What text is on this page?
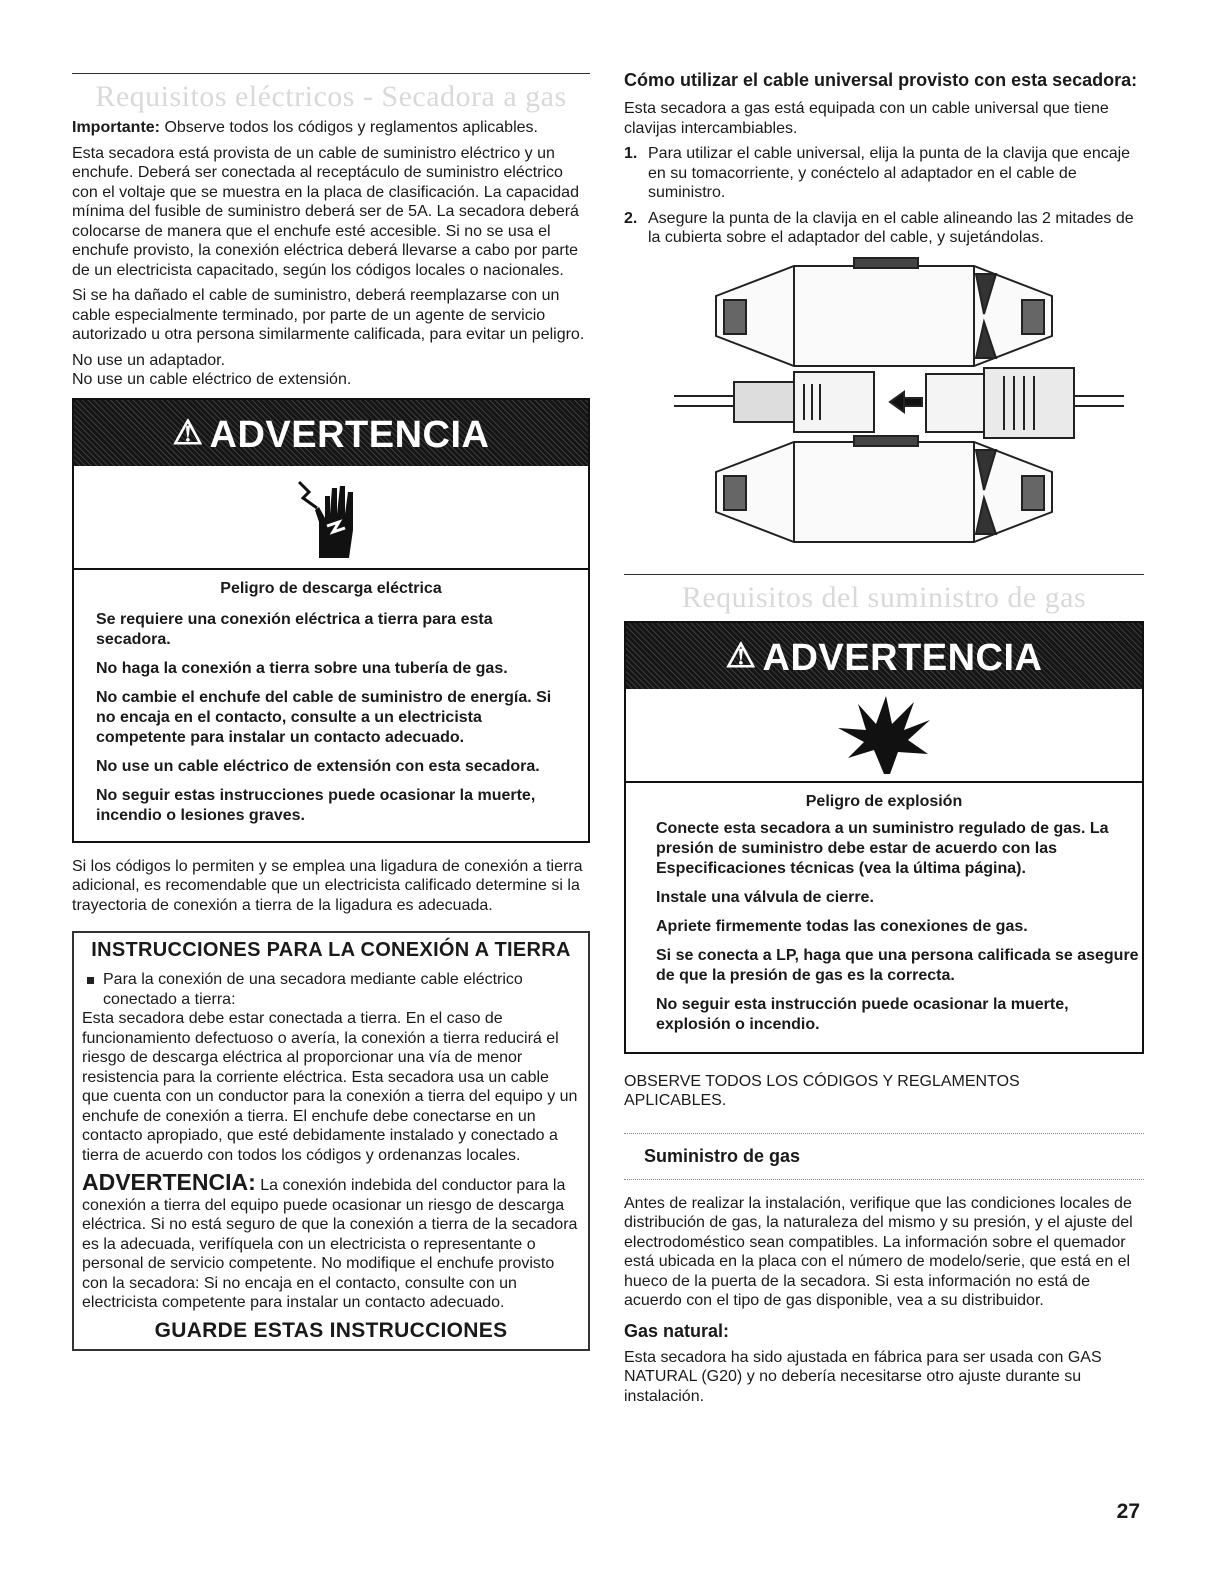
Requisitos eléctricos - Secadora a gas

Importante: Observe todos los códigos y reglamentos aplicables.

Esta secadora está provista de un cable de suministro eléctrico y un enchufe. Deberá ser conectada al receptáculo de suministro eléctrico con el voltaje que se muestra en la placa de clasificación. La capacidad mínima del fusible de suministro deberá ser de 5A. La secadora deberá colocarse de manera que el enchufe esté accesible. Si no se usa el enchufe provisto, la conexión eléctrica deberá llevarse a cabo por parte de un electricista capacitado, según los códigos locales o nacionales.

Si se ha dañado el cable de suministro, deberá reemplazarse con un cable especialmente terminado, por parte de un agente de servicio autorizado u otra persona similarmente calificada, para evitar un peligro.

No use un adaptador.

No use un cable eléctrico de extensión.

⚠ ADVERTENCIA
Peligro de descarga eléctrica
Se requiere una conexión eléctrica a tierra para esta secadora.
No haga la conexión a tierra sobre una tubería de gas.
No cambie el enchufe del cable de suministro de energía. Si no encaja en el contacto, consulte a un electricista competente para instalar un contacto adecuado.
No use un cable eléctrico de extensión con esta secadora.
No seguir estas instrucciones puede ocasionar la muerte, incendio o lesiones graves.

Si los códigos lo permiten y se emplea una ligadura de conexión a tierra adicional, es recomendable que un electricista calificado determine si la trayectoria de conexión a tierra de la ligadura es adecuada.

INSTRUCCIONES PARA LA CONEXIÓN A TIERRA

Para la conexión de una secadora mediante cable eléctrico conectado a tierra:

Esta secadora debe estar conectada a tierra. En el caso de funcionamiento defectuoso o avería, la conexión a tierra reducirá el riesgo de descarga eléctrica al proporcionar una vía de menor resistencia para la corriente eléctrica. Esta secadora usa un cable que cuenta con un conductor para la conexión a tierra del equipo y un enchufe de conexión a tierra. El enchufe debe conectarse en un contacto apropiado, que esté debidamente instalado y conectado a tierra de acuerdo con todos los códigos y ordenanzas locales.

ADVERTENCIA: La conexión indebida del conductor para la conexión a tierra del equipo puede ocasionar un riesgo de descarga eléctrica. Si no está seguro de que la conexión a tierra de la secadora es la adecuada, verifíquela con un electricista o representante o personal de servicio competente. No modifique el enchufe provisto con la secadora: Si no encaja en el contacto, consulte con un electricista competente para instalar un contacto adecuado.

GUARDE ESTAS INSTRUCCIONES
Cómo utilizar el cable universal provisto con esta secadora:

Esta secadora a gas está equipada con un cable universal que tiene clavijas intercambiables.

1. Para utilizar el cable universal, elija la punta de la clavija que encaje en su tomacorriente, y conéctelo al adaptador en el cable de suministro.
2. Asegure la punta de la clavija en el cable alineando las 2 mitades de la cubierta sobre el adaptador del cable, y sujetándolas.
Requisitos del suministro de gas
⚠ ADVERTENCIA
Peligro de explosión
Conecte esta secadora a un suministro regulado de gas. La presión de suministro debe estar de acuerdo con las Especificaciones técnicas (vea la última página).
Instale una válvula de cierre.
Apriete firmemente todas las conexiones de gas.
Si se conecta a LP, haga que una persona calificada se asegure de que la presión de gas es la correcta.
No seguir esta instrucción puede ocasionar la muerte, explosión o incendio.

OBSERVE TODOS LOS CÓDIGOS Y REGLAMENTOS APLICABLES.

Suministro de gas

Antes de realizar la instalación, verifique que las condiciones locales de distribución de gas, la naturaleza del mismo y su presión, y el ajuste del electrodoméstico sean compatibles. La información sobre el quemador está ubicada en la placa con el número de modelo/serie, que está en el hueco de la puerta de la secadora. Si esta información no está de acuerdo con el tipo de gas disponible, vea a su distribuidor.

Gas natural:

Esta secadora ha sido ajustada en fábrica para ser usada con GAS NATURAL (G20) y no debería necesitarse otro ajuste durante su instalación.

27
